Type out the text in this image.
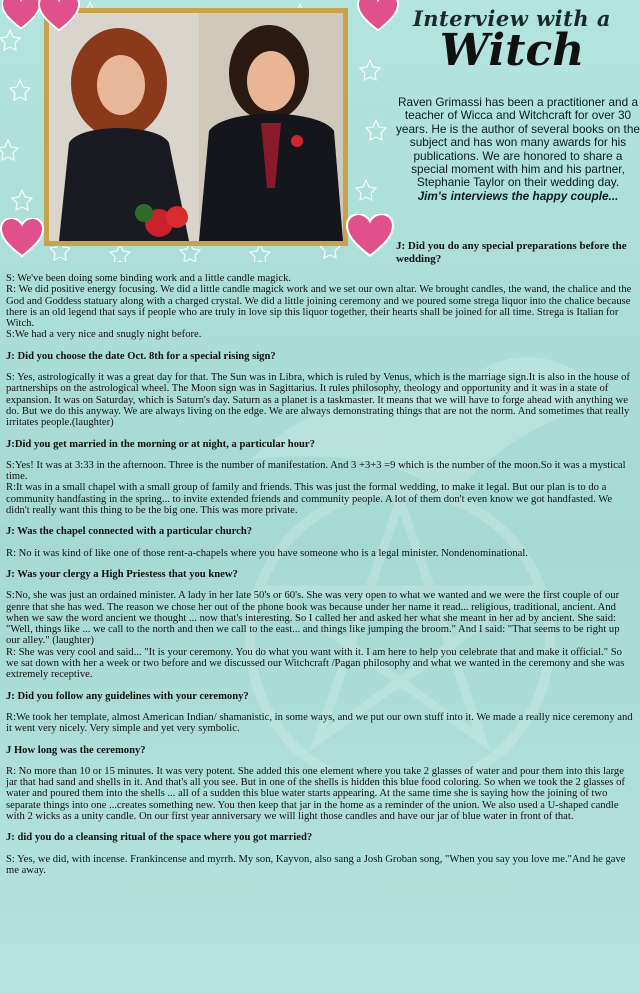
Interview with a
Witch
Raven Grimassi has been a practitioner and a teacher of Wicca and Witchcraft for over 30 years. He is the author of several books on the subject and has won many awards for his publications. We are honored to share a special moment with him and his partner, Stephanie Taylor on their wedding day.
Jim's interviews the happy couple...
J: Did you do any special preparations before the wedding?

S: We've been doing some binding work and a little candle magick.

R: We did positive energy focusing. We did a little candle magick work and we set our own altar. We brought candles, the wand, the chalice and the God and Goddess statuary along with a charged crystal. We did a little joining ceremony and we poured some strega liquor into the chalice because there is an old legend that says if people who are truly in love sip this liquor together, their hearts shall be joined for all time. Strega is Italian for Witch.

S:We had a very nice and snugly night before.

J: Did you choose the date Oct. 8th for a special rising sign?

S: Yes, astrologically it was a great day for that. The Sun was in Libra, which is ruled by Venus, which is the marriage sign.It is also in the house of partnerships on the astrological wheel. The Moon sign was in Sagittarius. It rules philosophy, theology and opportunity and it was in a state of expansion. It was on Saturday, which is Saturn's day. Saturn as a planet is a taskmaster. It means that we will have to forge ahead with anything we do. But we do this anyway. We are always living on the edge. We are always demonstrating things that are not the norm. And sometimes that really irritates people.(laughter)

J:Did you get married in the morning or at night, a particular hour?

S:Yes! It was at 3:33 in the afternoon. Three is the number of manifestation. And 3 +3+3 =9 which is the number of the moon.So it was a mystical time.

R:It was in a small chapel with a small group of family and friends. This was just the formal wedding, to make it legal. But our plan is to do a community handfasting in the spring... to invite extended friends and community people. A lot of them don't even know we got handfasted. We didn't really want this thing to be the big one. This was more private.

J: Was the chapel connected with a particular church?

R: No it was kind of like one of those rent-a-chapels where you have someone who is a legal minister. Nondenominational.

J: Was your clergy a High Priestess that you knew?

S:No, she was just an ordained minister. A lady in her late 50's or 60's. She was very open to what we wanted and we were the first couple of our genre that she has wed. The reason we chose her out of the phone book was because under her name it read... religious, traditional, ancient. And when we saw the word ancient we thought ... now that's interesting. So I called her and asked her what she meant in her ad by ancient. She said: "Well, things like ... we call to the north and then we call to the east... and things like jumping the broom." And I said: "That seems to be right up our alley." (laughter)

R: She was very cool and said... "It is your ceremony. You do what you want with it. I am here to help you celebrate that and make it official." So we sat down with her a week or two before and we discussed our Witchcraft /Pagan philosophy and what we wanted in the ceremony and she was extremely receptive.

J: Did you follow any guidelines with your ceremony?

R:We took her template, almost American Indian/ shamanistic, in some ways, and we put our own stuff into it. We made a really nice ceremony and it went very nicely. Very simple and yet very symbolic.

J How long was the ceremony?

R: No more than 10 or 15 minutes. It was very potent. She added this one element where you take 2 glasses of water and pour them into this large jar that had sand and shells in it. And that's all you see. But in one of the shells is hidden this blue food coloring. So when we took the 2 glasses of water and poured them into the shells ... all of a sudden this blue water starts appearing. At the same time she is saying how the joining of two separate things into one ...creates something new. You then keep that jar in the home as a reminder of the union. We also used a U-shaped candle with 2 wicks as a unity candle. On our first year anniversary we will light those candles and have our jar of blue water in front of that.

J: did you do a cleansing ritual of the space where you got married?

S: Yes, we did, with incense. Frankincense and myrrh. My son, Kayvon, also sang a Josh Groban song, "When you say you love me."And he gave me away.
